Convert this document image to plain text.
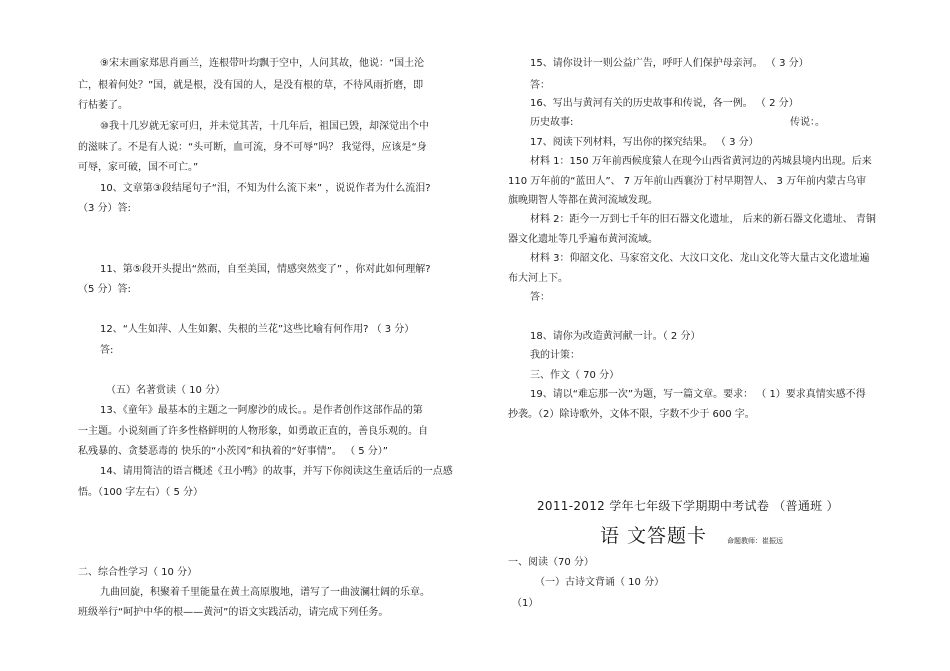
⑨宋末画家郑思肖画兰，连根带叶均飘于空中，人问其故，他说：“国土沦
亡，根着何处？”国，就是根，没有国的人，是没有根的草，不待风雨折磨，即
行枯萎了。
⑩我十几岁就无家可归，并未觉其苦，十几年后，祖国已毁，却深觉出个中
的滋味了。不是有人说：“头可断，血可流，身不可辱”吗？ 我觉得，应该是“身
可辱，家可破，国不可亡。”
10、文章第③段结尾句子“泪，不知为什么流下来” ，说说作者为什么流泪?
（3 分）答:
11、第⑤段开头提出“然而，自至美国，情感突然变了” ，你对此如何理解?
（5 分）答:
12、“人生如萍、人生如絮、失根的兰花”这些比喻有何作用? （ 3 分）
答:
（五）名著赏读（ 10 分）
13、《童年》最基本的主题之一阿廖沙的成长。。是作者创作这部作品的第
一主题。小说刻画了许多性格鲜明的人物形象，如勇敢正直的，善良乐观的。自
私残暴的、贪婪恶毒的 快乐的“小茨冈”和执着的“好事情”。 （ 5 分）”
14、请用简洁的语言概述《丑小鸭》的故事，并写下你阅读这生童话后的一点感
悟。（100 字左右）（ 5 分）
二、综合性学习（ 10 分）
九曲回旋，积聚着千里能量在黄土高原腹地，谱写了一曲波澜壮阔的乐章。
班级举行“呵护中华的根——黄河”的语文实践活动，请完成下列任务。
15、请你设计一则公益广告，呼吁人们保护母亲河。 （ 3 分）
答：
16、写出与黄河有关的历史故事和传说，各一例。 （ 2 分）
历史故事:	传说：。
17、阅读下列材料，写出你的探究结果。 （ 3 分）
材料 1：150 万年前西候度猿人在现今山西省黄河边的芮城县境内出现。后来
110 万年前的“蓝田人”、 7 万年前山西襄汾丁村早期智人、 3 万年前内蒙古乌审
旗晚期智人等都在黄河流域发现。
材料 2：距今一万到七千年的旧石器文化遗址， 后来的新石器文化遗址、 青铜
器文化遗址等几乎遍布黄河流域。
材料 3：仰韶文化、马家窑文化、大汶口文化、龙山文化等大量古文化遗址遍
布大河上下。
答：
18、请你为改造黄河献一计。（ 2 分）
我的计策：
三、作文（ 70 分）
19、请以“难忘那一次”为题，写一篇文章。要求： （ 1）要求真情实感不得
抄袭。（2）除诗歌外，文体不限，字数不少于 600 字。
2011-2012 学年七年级下学期期中考试卷 （普通班 ）
语 文答题卡	命题教师：崔振远
一、阅读（70 分）
（一）古诗文背诵（ 10 分）
（1）
